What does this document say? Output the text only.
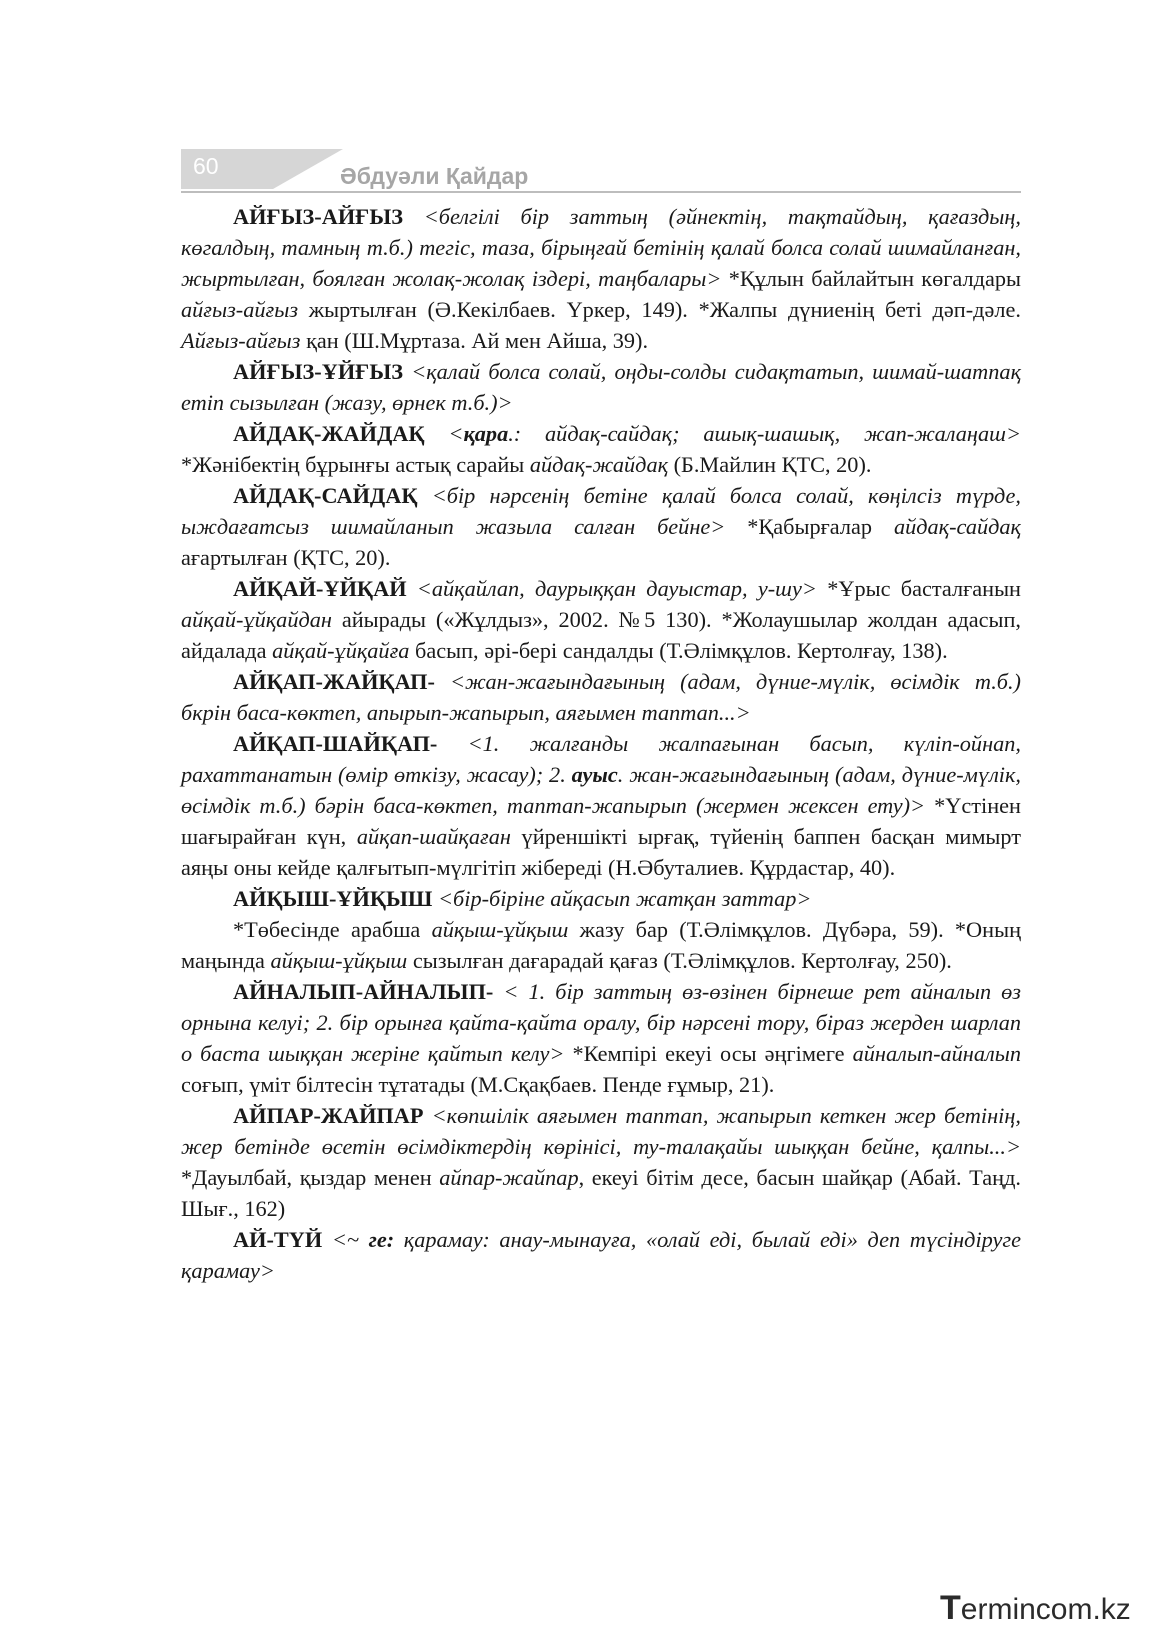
60	Әбдуәли Қайдар

АЙҒЫЗ-АЙҒЫЗ <белгілі бір заттың (әйнектің, тақтайдың, қағаздың, көгалдың, тамның т.б.) тегіс, таза, бірыңғай бетінің қалай болса солай шимайланған, жыртылған, боялған жолақ-жолақ іздері, таңбалары> *Құлын байлайтын көгалдары айғыз-айғыз жыртылған (Ә.Кекілбаев. Үркер, 149). *Жалпы дүниенің беті дәп-дәле. Айғыз-айғыз қан (Ш.Мұртаза. Ай мен Айша, 39).

АЙҒЫЗ-ҰЙҒЫЗ <қалай болса солай, оңды-солды сидақтатып, шимай-шатпақ етіп сызылған (жазу, өрнек т.б.)>

АЙДАҚ-ЖАЙДАҚ <қара.: айдақ-сайдақ; ашық-шашық, жап-жалаңаш> *Жәнібектің бұрынғы астық сарайы айдақ-жайдақ (Б.Майлин ҚТС, 20).

АЙДАҚ-САЙДАҚ <бір нәрсенің бетіне қалай болса солай, көңілсіз түрде, ыждағатсыз шимайланып жазыла салған бейне> *Қабырғалар айдақ-сайдақ ағартылған (ҚТС, 20).

АЙҚАЙ-ҰЙҚАЙ <айқайлап, даурыққан дауыстар, у-шу> *Ұрыс басталғанын айқай-ұйқайдан айырады («Жұлдыз», 2002. №5 130). *Жолаушылар жолдан адасып, айдалада айқай-ұйқайға басып, әрі-бері сандалды (Т.Әлімқұлов. Кертолғау, 138).

АЙҚАП-ЖАЙҚАП- <жан-жағындағының (адам, дүние-мүлік, өсімдік т.б.) бкрін баса-көктеп, апырып-жапырып, аяғымен таптап...>

АЙҚАП-ШАЙҚАП- <1. жалғанды жалпағынан басып, күліп-ойнап, рахаттанатын (өмір өткізу, жасау); 2. ауыс. жан-жағындағының (адам, дүние-мүлік, өсімдік т.б.) бәрін баса-көктеп, таптап-жапырып (жермен жексен ету)> *Үстінен шағырайған күн, айқап-шайқаған үйреншікті ырғақ, түйенің баппен басқан мимырт аяңы оны кейде қалғытып-мүлгітіп жібереді (Н.Әбуталиев. Құрдастар, 40).

АЙҚЫШ-ҰЙҚЫШ <бір-біріне айқасып жатқан заттар>

*Төбесінде арабша айқыш-ұйқыш жазу бар (Т.Әлімқұлов. Дүбәра, 59). *Оның маңында айқыш-ұйқыш сызылған дағарадай қағаз (Т.Әлімқұлов. Кертолғау, 250).

АЙНАЛЫП-АЙНАЛЫП- < 1. бір заттың өз-өзінен бірнеше рет айналып өз орнына келуі; 2. бір орынға қайта-қайта оралу, бір нәрсені тору, біраз жерден шарлап о баста шыққан жеріне қайтып келу> *Кемпірі екеуі осы әңгімеге айналып-айналып соғып, үміт білтесін тұтатады (М.Сқақбаев. Пенде ғұмыр, 21).

АЙПАР-ЖАЙПАР <көпшілік аяғымен таптап, жапырып кеткен жер бетінің, жер бетінде өсетін өсімдіктердің көрінісі, ту-талақайы шыққан бейне, қалпы...> *Дауылбай, қыздар менен айпар-жайпар, екеуі бітім десе, басын шайқар (Абай. Таңд. Шығ., 162)

АЙ-ТҮЙ <~ ге: қарамау: анау-мынауға, «олай еді, былай еді» деп түсіндіруге қарамау>

Termincom.kz
